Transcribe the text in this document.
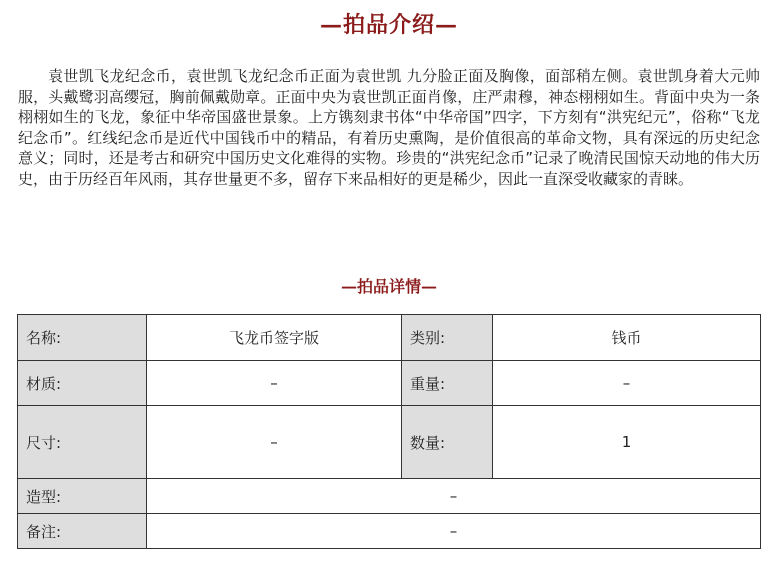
—拍品介绍—

袁世凯飞龙纪念币，袁世凯飞龙纪念币正面为袁世凯 九分脸正面及胸像，面部稍左侧。袁世凯身着大元帅服，头戴鹭羽高缨冠，胸前佩戴勋章。正面中央为袁世凯正面肖像，庄严肃穆，神态栩栩如生。背面中央为一条栩栩如生的飞龙，象征中华帝国盛世景象。上方镌刻隶书体“中华帝国”四字，下方刻有“洪宪纪元”，俗称“飞龙纪念币”。红线纪念币是近代中国钱币中的精品，有着历史熏陶，是价值很高的革命文物，具有深远的历史纪念意义；同时，还是考古和研究中国历史文化难得的实物。珍贵的“洪宪纪念币”记录了晚清民国惊天动地的伟大历史，由于历经百年风雨，其存世量更不多，留存下来品相好的更是稀少，因此一直深受收藏家的青睐。

—拍品详情—
名称:	飞龙币签字版	类别:	钱币
材质:	–	重量:	–
尺寸:	–	数量:	1
造型:	–		
备注:	–		
